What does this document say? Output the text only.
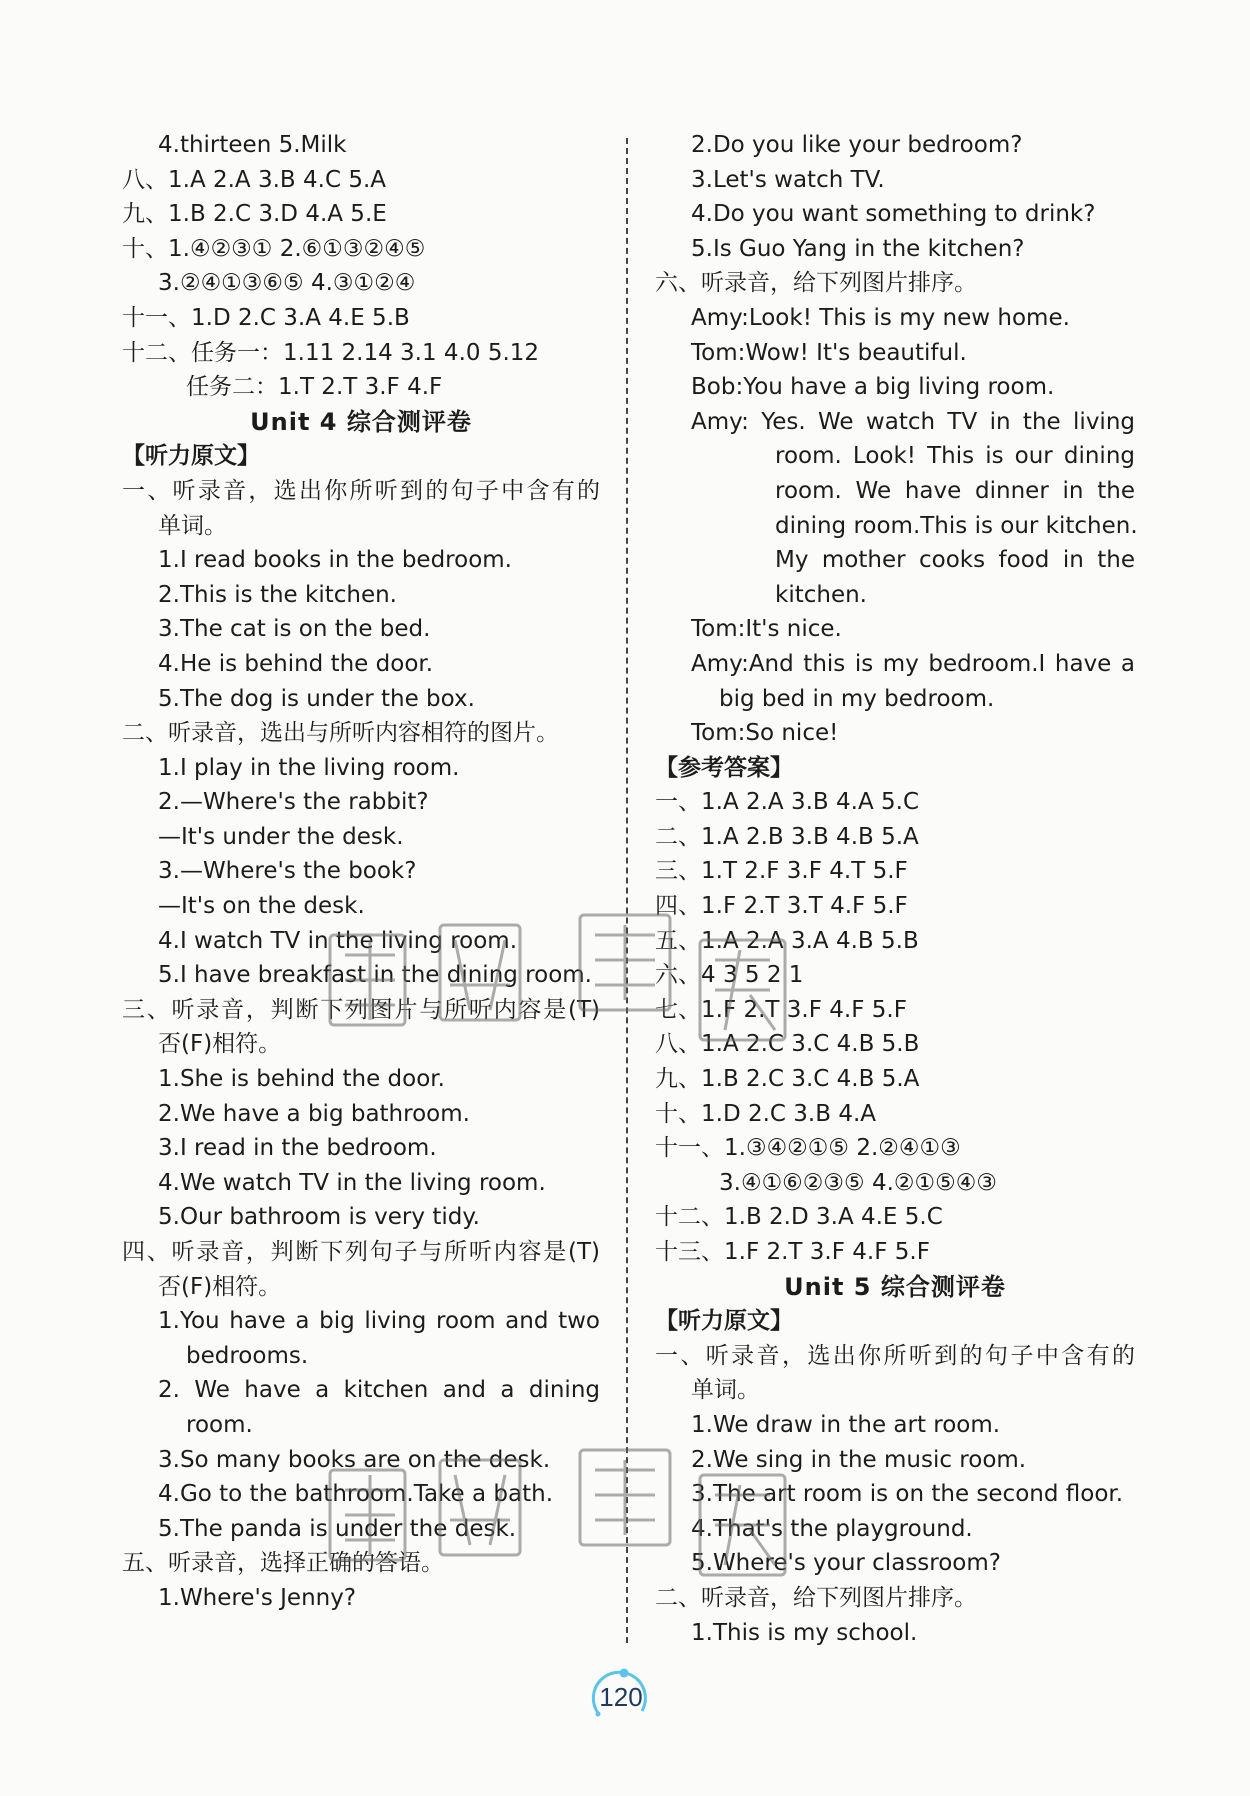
4.thirteen 5.Milk
八、1.A 2.A 3.B 4.C 5.A
九、1.B 2.C 3.D 4.A 5.E
十、1.④②③① 2.⑥①③②④⑤
3.②④①③⑥⑤ 4.③①②④
十一、1.D 2.C 3.A 4.E 5.B
十二、任务一：1.11 2.14 3.1 4.0 5.12
任务二：1.T 2.T 3.F 4.F
Unit 4 综合测评卷
【听力原文】
一、听录音，选出你所听到的句子中含有的
单词。
1.I read books in the bedroom.
2.This is the kitchen.
3.The cat is on the bed.
4.He is behind the door.
5.The dog is under the box.
二、听录音，选出与所听内容相符的图片。
1.I play in the living room.
2.—Where's the rabbit?
—It's under the desk.
3.—Where's the book?
—It's on the desk.
4.I watch TV in the living room.
5.I have breakfast in the dining room.
三、听录音，判断下列图片与所听内容是(T)
否(F)相符。
1.She is behind the door.
2.We have a big bathroom.
3.I read in the bedroom.
4.We watch TV in the living room.
5.Our bathroom is very tidy.
四、听录音，判断下列句子与所听内容是(T)
否(F)相符。
1.You have a big living room and two
bedrooms.
2. We have a kitchen and a dining
room.
3.So many books are on the desk.
4.Go to the bathroom.Take a bath.
5.The panda is under the desk.
五、听录音，选择正确的答语。
1.Where's Jenny?
2.Do you like your bedroom?
3.Let's watch TV.
4.Do you want something to drink?
5.Is Guo Yang in the kitchen?
六、听录音，给下列图片排序。
Amy:Look! This is my new home.
Tom:Wow! It's beautiful.
Bob:You have a big living room.
Amy: Yes. We watch TV in the living
room. Look! This is our dining
room. We have dinner in the
dining room.This is our kitchen.
My mother cooks food in the
kitchen.
Tom:It's nice.
Amy:And this is my bedroom.I have a
big bed in my bedroom.
Tom:So nice!
【参考答案】
一、1.A 2.A 3.B 4.A 5.C
二、1.A 2.B 3.B 4.B 5.A
三、1.T 2.F 3.F 4.T 5.F
四、1.F 2.T 3.T 4.F 5.F
五、1.A 2.A 3.A 4.B 5.B
六、4 3 5 2 1
七、1.F 2.T 3.F 4.F 5.F
八、1.A 2.C 3.C 4.B 5.B
九、1.B 2.C 3.C 4.B 5.A
十、1.D 2.C 3.B 4.A
十一、1.③④②①⑤ 2.②④①③
3.④①⑥②③⑤ 4.②①⑤④③
十二、1.B 2.D 3.A 4.E 5.C
十三、1.F 2.T 3.F 4.F 5.F
Unit 5 综合测评卷
【听力原文】
一、听录音，选出你所听到的句子中含有的
单词。
1.We draw in the art room.
2.We sing in the music room.
3.The art room is on the second floor.
4.That's the playground.
5.Where's your classroom?
二、听录音，给下列图片排序。
1.This is my school.
120
